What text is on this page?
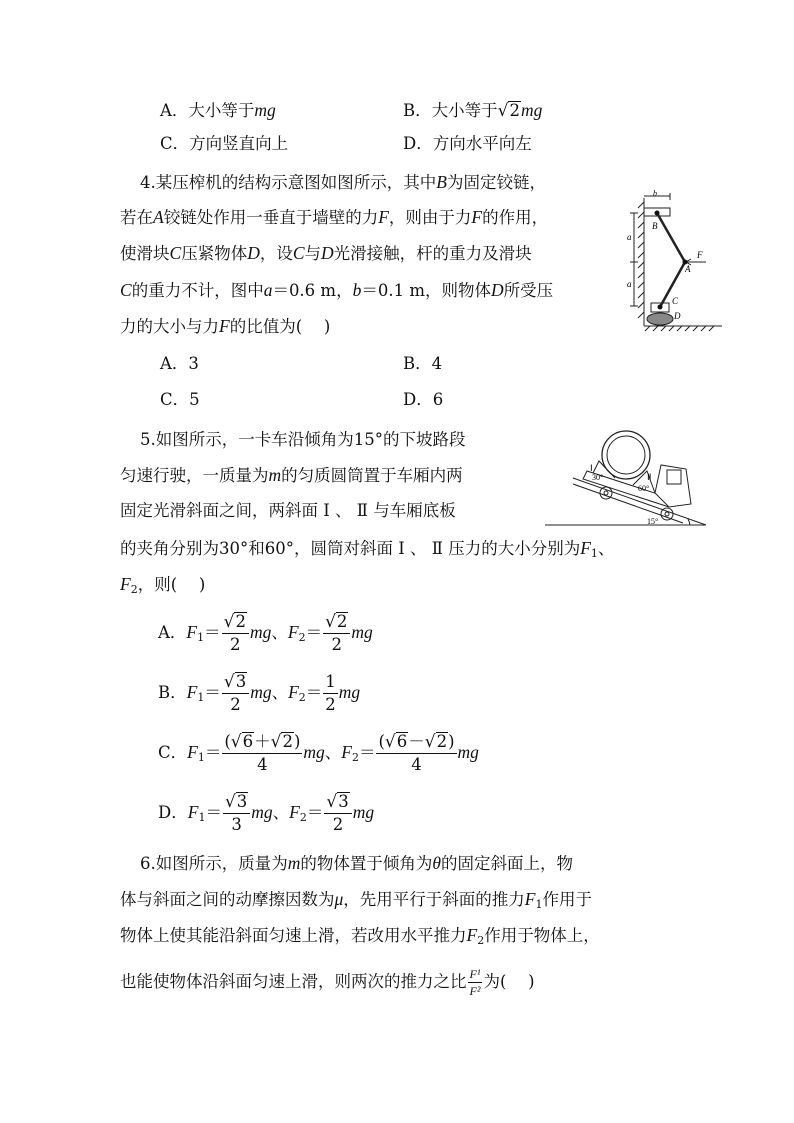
A．大小等于mg	B．大小等于√2mg
C．方向竖直向上	D．方向水平向左
4.某压榨机的结构示意图如图所示，其中B为固定铰链，
若在A铰链处作用一垂直于墙壁的力F，则由于力F的作用，
使滑块C压紧物体D，设C与D光滑接触，杆的重力及滑块
C的重力不计，图中a＝0.6 m，b＝0.1 m，则物体D所受压
力的大小与力F的比值为(　 )
A．3	B．4
C．5	D．6
b
B
F
A
a
a
C
D
5.如图所示，一卡车沿倾角为15°的下坡路段
匀速行驶，一质量为m的匀质圆筒置于车厢内两
固定光滑斜面之间，两斜面 Ⅰ 、 Ⅱ 与车厢底板
的夹角分别为30°和60°，圆筒对斜面 Ⅰ 、 Ⅱ 压力的大小分别为$F_1$、
$F_2$，则(　 )
Ⅰ
30°	Ⅱ
60°
15°
A．$F_1= \frac{√2}{2}$ mg、$F_2= \frac{√2}{2}$ mg
B．$F_1= \frac{√3}{2}$ mg、$F_2= \frac{1}{2}$ mg
C．$F_1= \frac{(√6+√2)}{4}$ mg、$F_2= \frac{(√6-√2)}{4}$ mg
D．$F_1= \frac{√3}{3}$ mg、$F_2= \frac{√3}{2}$ mg
6.如图所示，质量为m的物体置于倾角为θ的固定斜面上，物
体与斜面之间的动摩擦因数为μ，先用平行于斜面的推力$F_1$作用于
物体上使其能沿斜面匀速上滑，若改用水平推力$F_2$作用于物体上，
也能使物体沿斜面匀速上滑，则两次的推力之比 $\frac{\text{F¹}}{\text{F²}}$ 为(　 )
